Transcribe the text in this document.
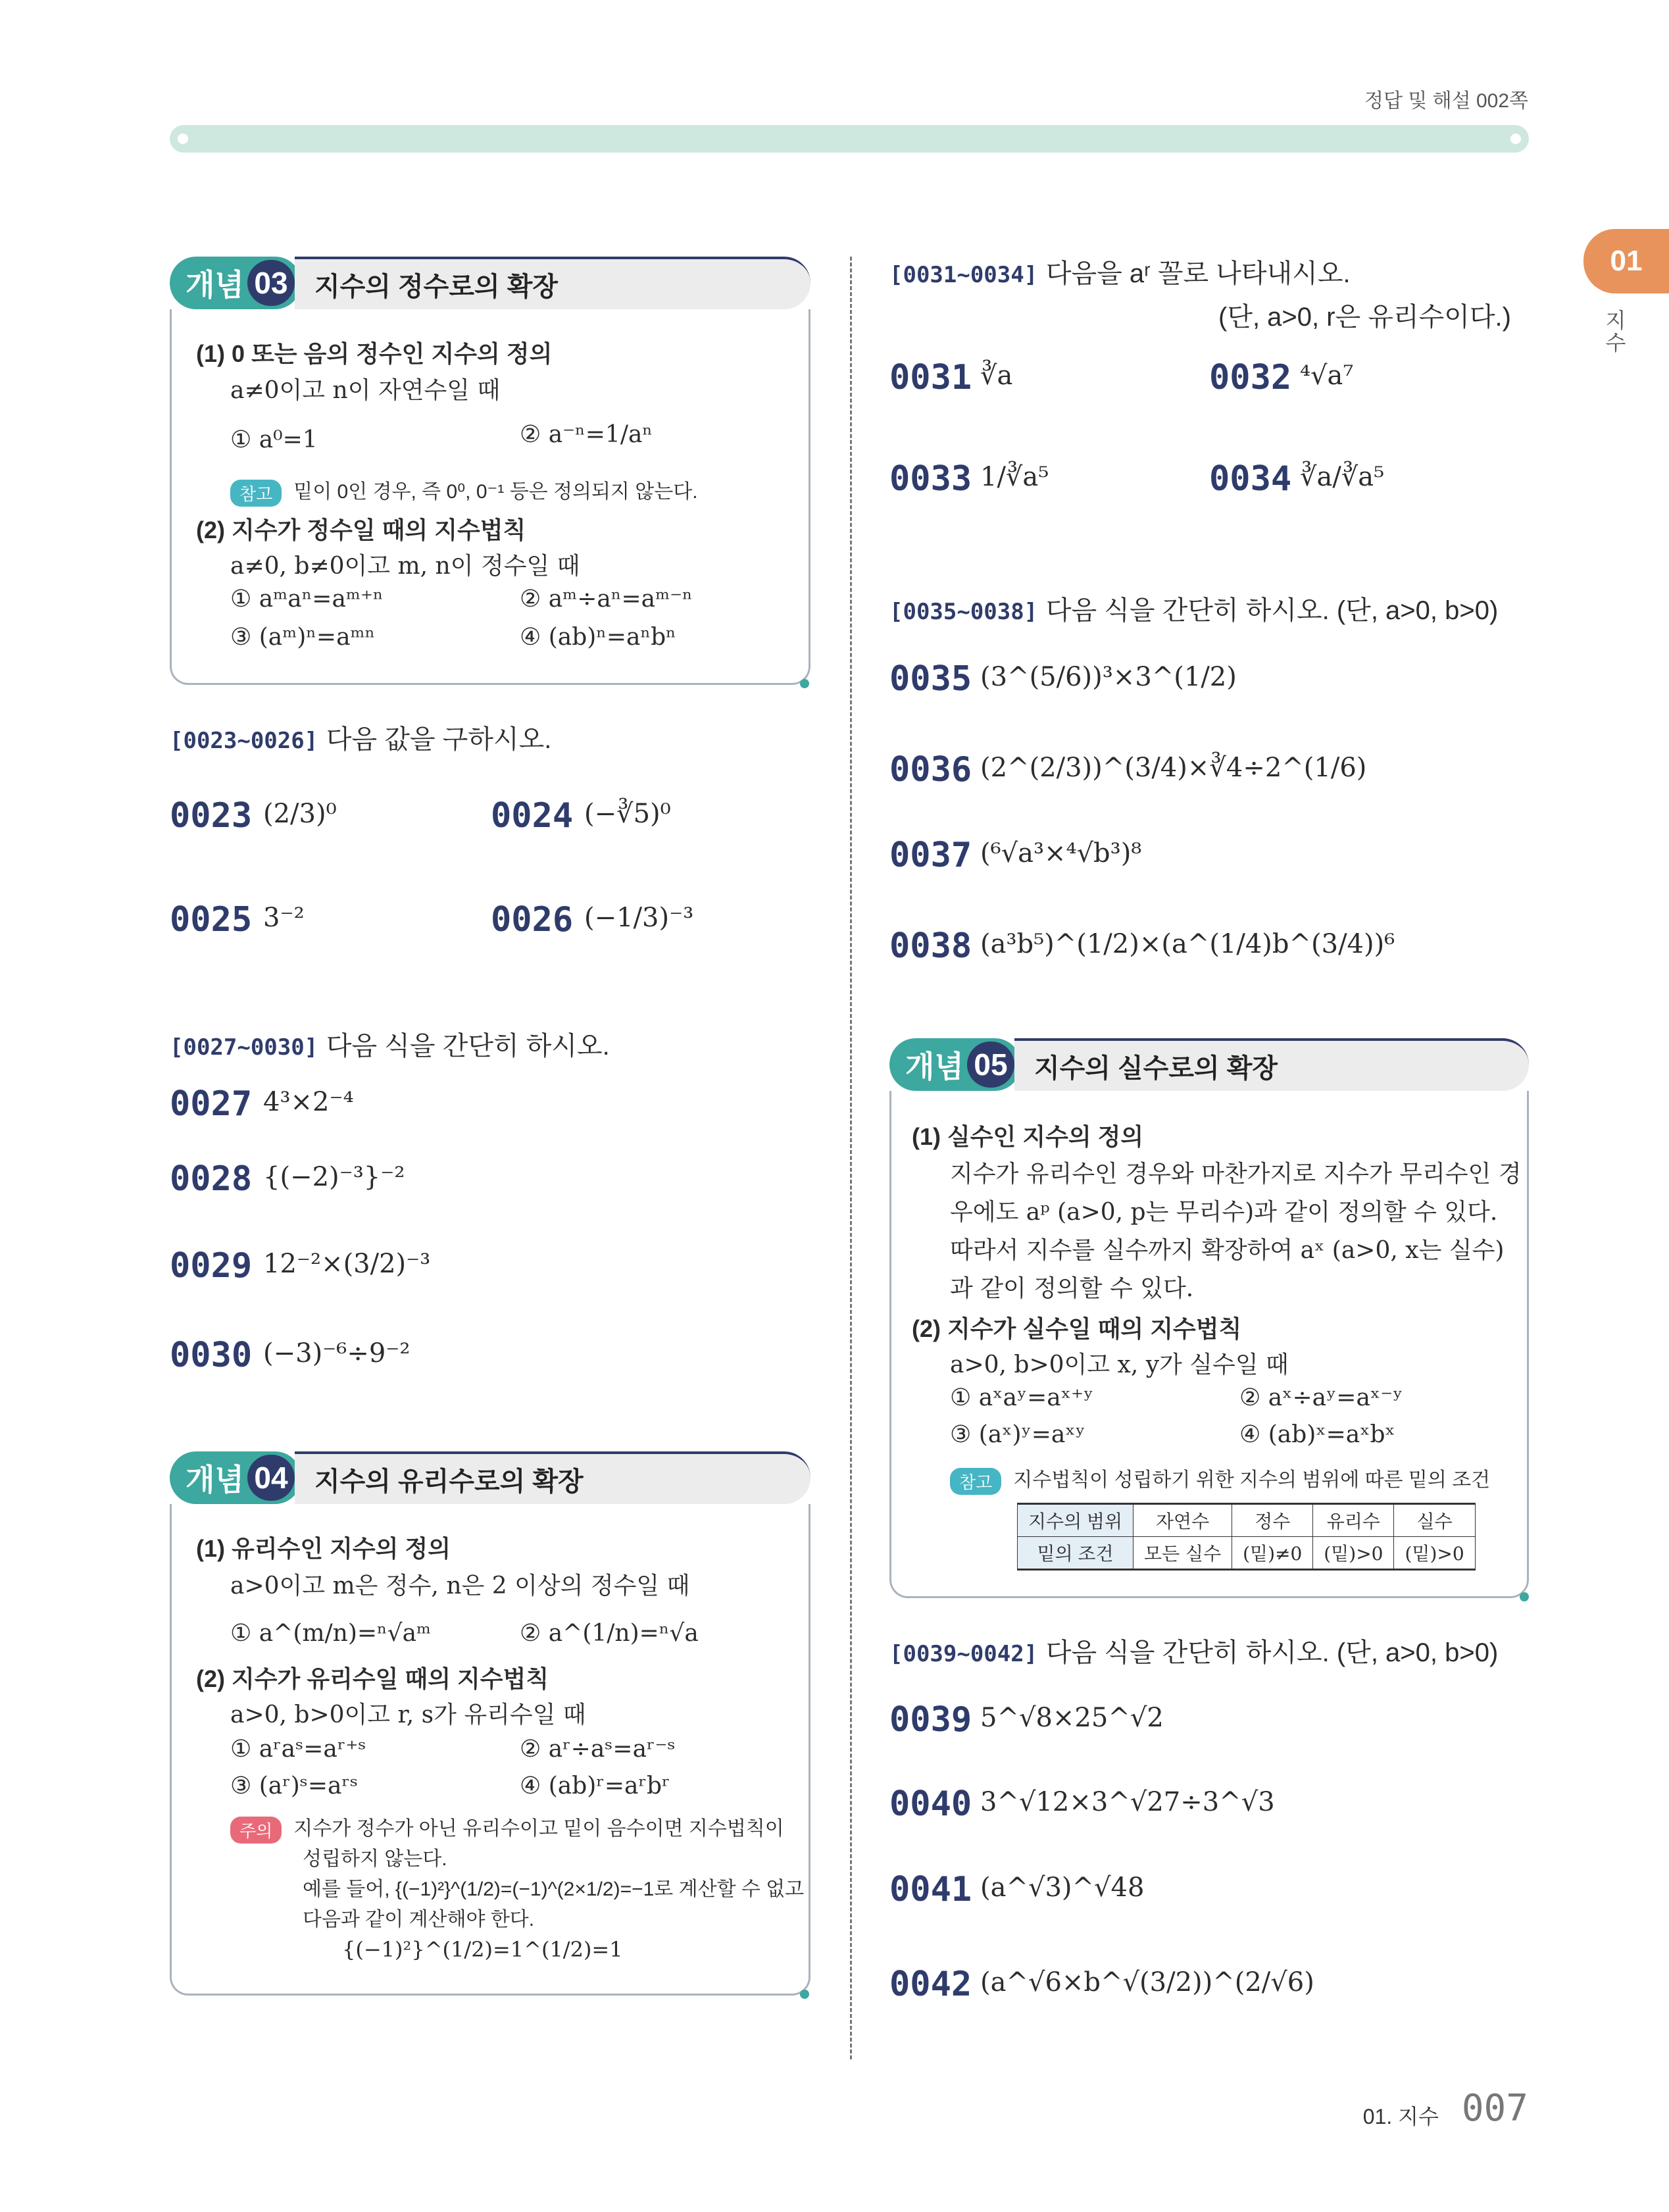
정답 및 해설 002쪽
01
지
수
개념 03	지수의 정수로의 확장
(1) 0 또는 음의 정수인 지수의 정의
a≠0이고 n이 자연수일 때
① a⁰=1	② a⁻ⁿ=1/aⁿ
참고 밑이 0인 경우, 즉 0⁰, 0⁻¹ 등은 정의되지 않는다.
(2) 지수가 정수일 때의 지수법칙
a≠0, b≠0이고 m, n이 정수일 때
① aᵐaⁿ=aᵐ⁺ⁿ	② aᵐ÷aⁿ=aᵐ⁻ⁿ
③ (aᵐ)ⁿ=aᵐⁿ	④ (ab)ⁿ=aⁿbⁿ
[0023~0026] 다음 값을 구하시오.
0023 (2/3)⁰	0024 (−∛5)⁰
0025 3⁻²	0026 (−1/3)⁻³
[0027~0030] 다음 식을 간단히 하시오.
0027 4³×2⁻⁴
0028 {(−2)⁻³}⁻²
0029 12⁻²×(3/2)⁻³
0030 (−3)⁻⁶÷9⁻²
개념 04	지수의 유리수로의 확장
(1) 유리수인 지수의 정의
a>0이고 m은 정수, n은 2 이상의 정수일 때
① a^(m/n)=ⁿ√aᵐ	② a^(1/n)=ⁿ√a
(2) 지수가 유리수일 때의 지수법칙
a>0, b>0이고 r, s가 유리수일 때
① aʳaˢ=aʳ⁺ˢ	② aʳ÷aˢ=aʳ⁻ˢ
③ (aʳ)ˢ=aʳˢ	④ (ab)ʳ=aʳbʳ
주의 지수가 정수가 아닌 유리수이고 밑이 음수이면 지수법칙이
성립하지 않는다.
예를 들어, {(−1)²}^(1/2)=(−1)^(2×1/2)=−1로 계산할 수 없고
다음과 같이 계산해야 한다.
{(−1)²}^(1/2)=1^(1/2)=1
[0031~0034] 다음을 aʳ 꼴로 나타내시오.
(단, a>0, r은 유리수이다.)
0031 ∛a	0032 ⁴√a⁷
0033 1/∛a⁵	0034 ∛a/∛a⁵
[0035~0038] 다음 식을 간단히 하시오. (단, a>0, b>0)
0035 (3^(5/6))³×3^(1/2)
0036 (2^(2/3))^(3/4)×∛4÷2^(1/6)
0037 (⁶√a³×⁴√b³)⁸
0038 (a³b⁵)^(1/2)×(a^(1/4)b^(3/4))⁶
개념 05	지수의 실수로의 확장
(1) 실수인 지수의 정의
지수가 유리수인 경우와 마찬가지로 지수가 무리수인 경
우에도 aᵖ (a>0, p는 무리수)과 같이 정의할 수 있다.
따라서 지수를 실수까지 확장하여 aˣ (a>0, x는 실수)
과 같이 정의할 수 있다.
(2) 지수가 실수일 때의 지수법칙
a>0, b>0이고 x, y가 실수일 때
① aˣaʸ=aˣ⁺ʸ	② aˣ÷aʸ=aˣ⁻ʸ
③ (aˣ)ʸ=aˣʸ	④ (ab)ˣ=aˣbˣ
참고 지수법칙이 성립하기 위한 지수의 범위에 따른 밑의 조건
지수의 범위	자연수	정수	유리수	실수
밑의 조건	모든 실수	(밑)≠0	(밑)>0	(밑)>0
[0039~0042] 다음 식을 간단히 하시오. (단, a>0, b>0)
0039 5^√8×25^√2
0040 3^√12×3^√27÷3^√3
0041 (a^√3)^√48
0042 (a^√6×b^√(3/2))^(2/√6)
01. 지수 007
